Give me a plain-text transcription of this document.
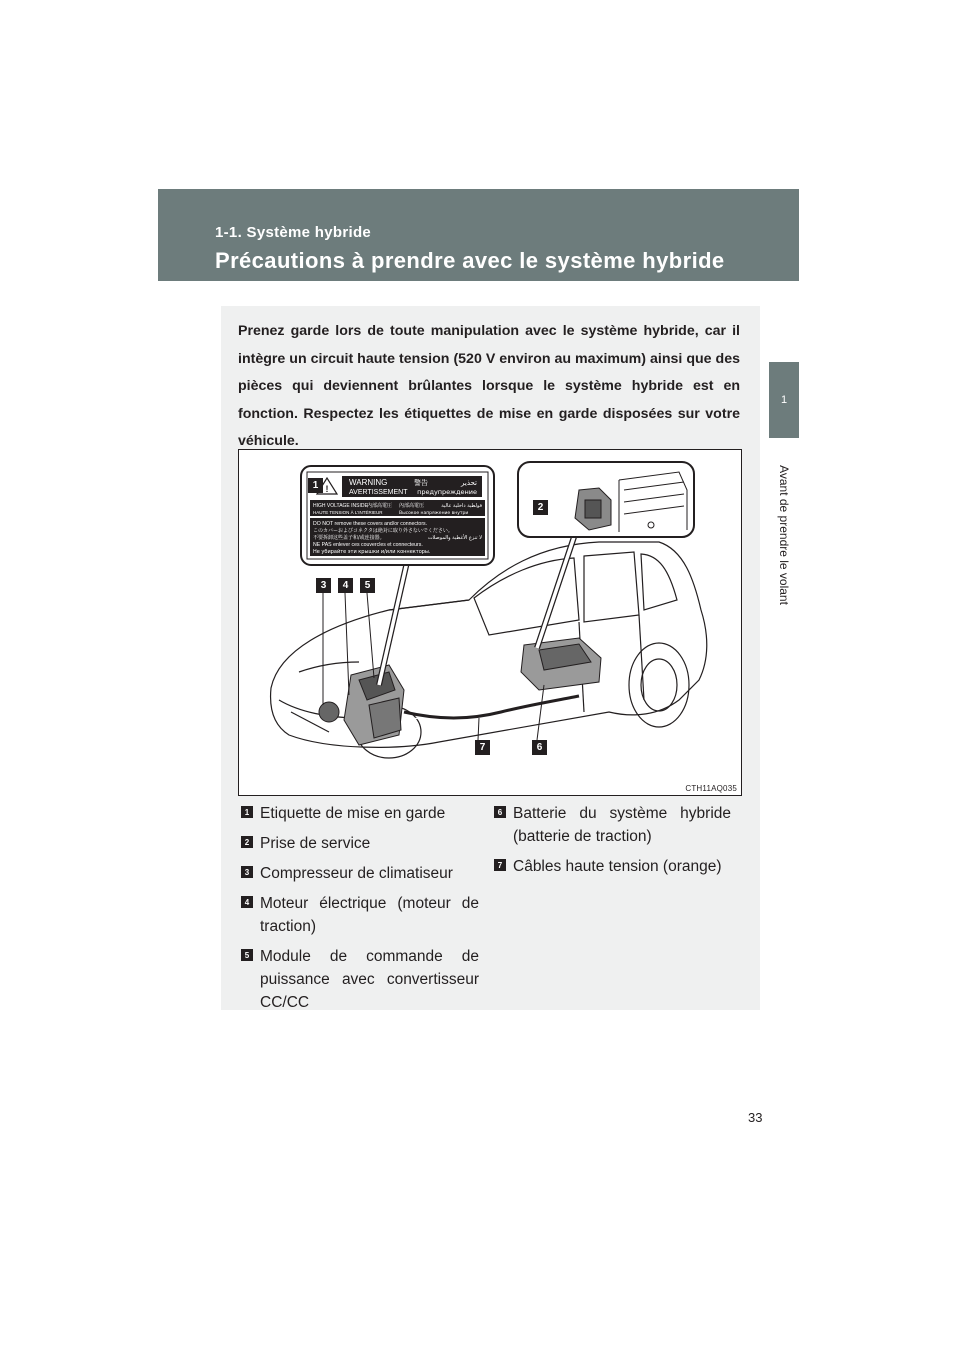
1-1. Système hybride
Précautions à prendre avec le système hybride
1
Avant de prendre le volant
Prenez garde lors de toute manipulation avec le système hybride, car il intègre un circuit haute tension (520 V environ au maximum) ainsi que des pièces qui deviennent brûlantes lorsque le système hybride est en fonction. Respectez les étiquettes de mise en garde disposées sur votre véhicule.
!
WARNING
AVERTISSEMENT
警告	تحذير
предупреждение
HIGH VOLTAGE INSIDE 内部高電圧 內部高電压	فولطية داخلية عالية
HAUTE TENSION À L'INTÉRIEUR	Высокое напряжение внутри
DO NOT remove these covers and/or connectors.
このカバーおよびコネクタは絶対に取り外さないでください。
不要拆卸这些盖子和/或连接器。	لا تنزع الأغطية والموصلات
NE PAS enlever ces couvercles et connecteurs.
Не убирайте эти крышки и/или коннекторы.
1
2
3	4	5
6
7
CTH11AQ035
1 Etiquette de mise en garde
2 Prise de service
3 Compresseur de climatiseur
4 Moteur électrique (moteur de traction)
5 Module de commande de puissance avec convertisseur CC/CC
6 Batterie du système hybride (batterie de traction)
7 Câbles haute tension (orange)
33
